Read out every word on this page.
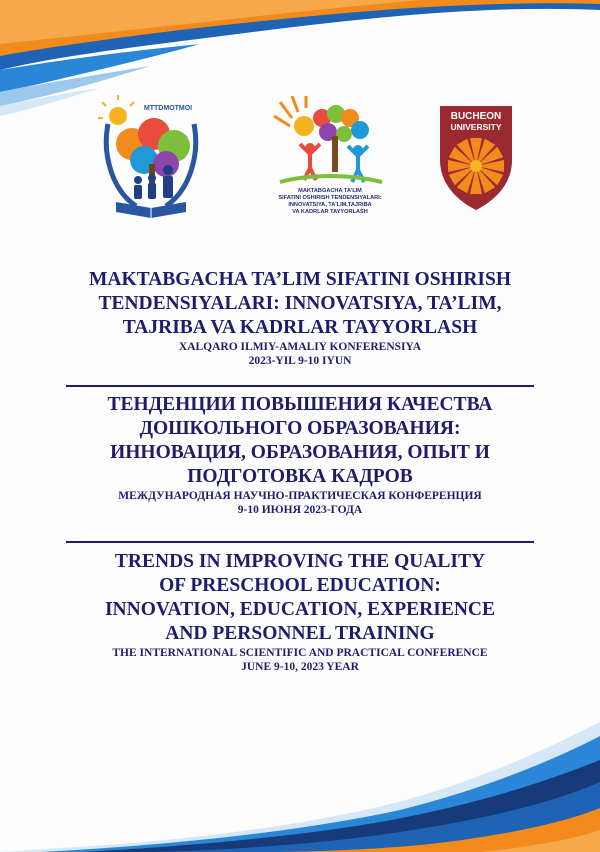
MTTDMOTMOI
MAKTABGACHA TA'LIM
SIFATINI OSHIRISH TENDENSIYALARI:
INNOVATSIYA, TA'LIM,TAJRIBA
VA KADRLAR TAYYORLASH
BUCHEON
UNIVERSITY
MAKTABGACHA TA’LIM SIFATINI OSHIRISH
TENDENSIYALARI: INNOVATSIYA, TA’LIM,
TAJRIBA VA KADRLAR TAYYORLASH
XALQARO ILMIY-AMALIY KONFERENSIYA
2023-YIL 9-10 IYUN
ТЕНДЕНЦИИ ПОВЫШЕНИЯ КАЧЕСТВА
ДОШКОЛЬНОГО ОБРАЗОВАНИЯ:
ИННОВАЦИЯ, ОБРАЗОВАНИЯ, ОПЫТ И
ПОДГОТОВКА КАДРОВ
МЕЖДУНАРОДНАЯ НАУЧНО-ПРАКТИЧЕСКАЯ КОНФЕРЕНЦИЯ
9-10 ИЮНЯ 2023-ГОДА
TRENDS IN IMPROVING THE QUALITY
OF PRESCHOOL EDUCATION:
INNOVATION, EDUCATION, EXPERIENCE
AND PERSONNEL TRAINING
THE INTERNATIONAL SCIENTIFIC AND PRACTICAL CONFERENCE
JUNE 9-10, 2023 YEAR
